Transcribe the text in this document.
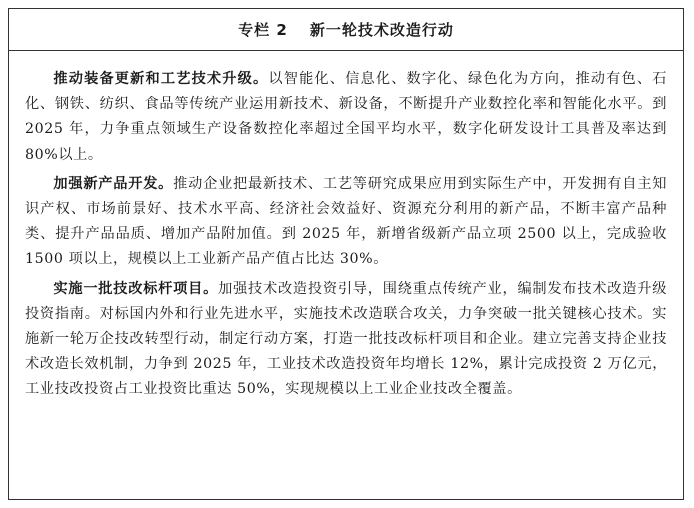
专栏 2 新一轮技术改造行动

推动装备更新和工艺技术升级。以智能化、信息化、数字化、绿色化为方向，推动有色、石化、钢铁、纺织、食品等传统产业运用新技术、新设备，不断提升产业数控化率和智能化水平。到 2025 年，力争重点领域生产设备数控化率超过全国平均水平，数字化研发设计工具普及率达到 80%以上。

加强新产品开发。推动企业把最新技术、工艺等研究成果应用到实际生产中，开发拥有自主知识产权、市场前景好、技术水平高、经济社会效益好、资源充分利用的新产品，不断丰富产品种类、提升产品品质、增加产品附加值。到 2025 年，新增省级新产品立项 2500 以上，完成验收 1500 项以上，规模以上工业新产品产值占比达 30%。

实施一批技改标杆项目。加强技术改造投资引导，围绕重点传统产业，编制发布技术改造升级投资指南。对标国内外和行业先进水平，实施技术改造联合攻关，力争突破一批关键核心技术。实施新一轮万企技改转型行动，制定行动方案，打造一批技改标杆项目和企业。建立完善支持企业技术改造长效机制，力争到 2025 年，工业技术改造投资年均增长 12%，累计完成投资 2 万亿元，工业技改投资占工业投资比重达 50%，实现规模以上工业企业技改全覆盖。
